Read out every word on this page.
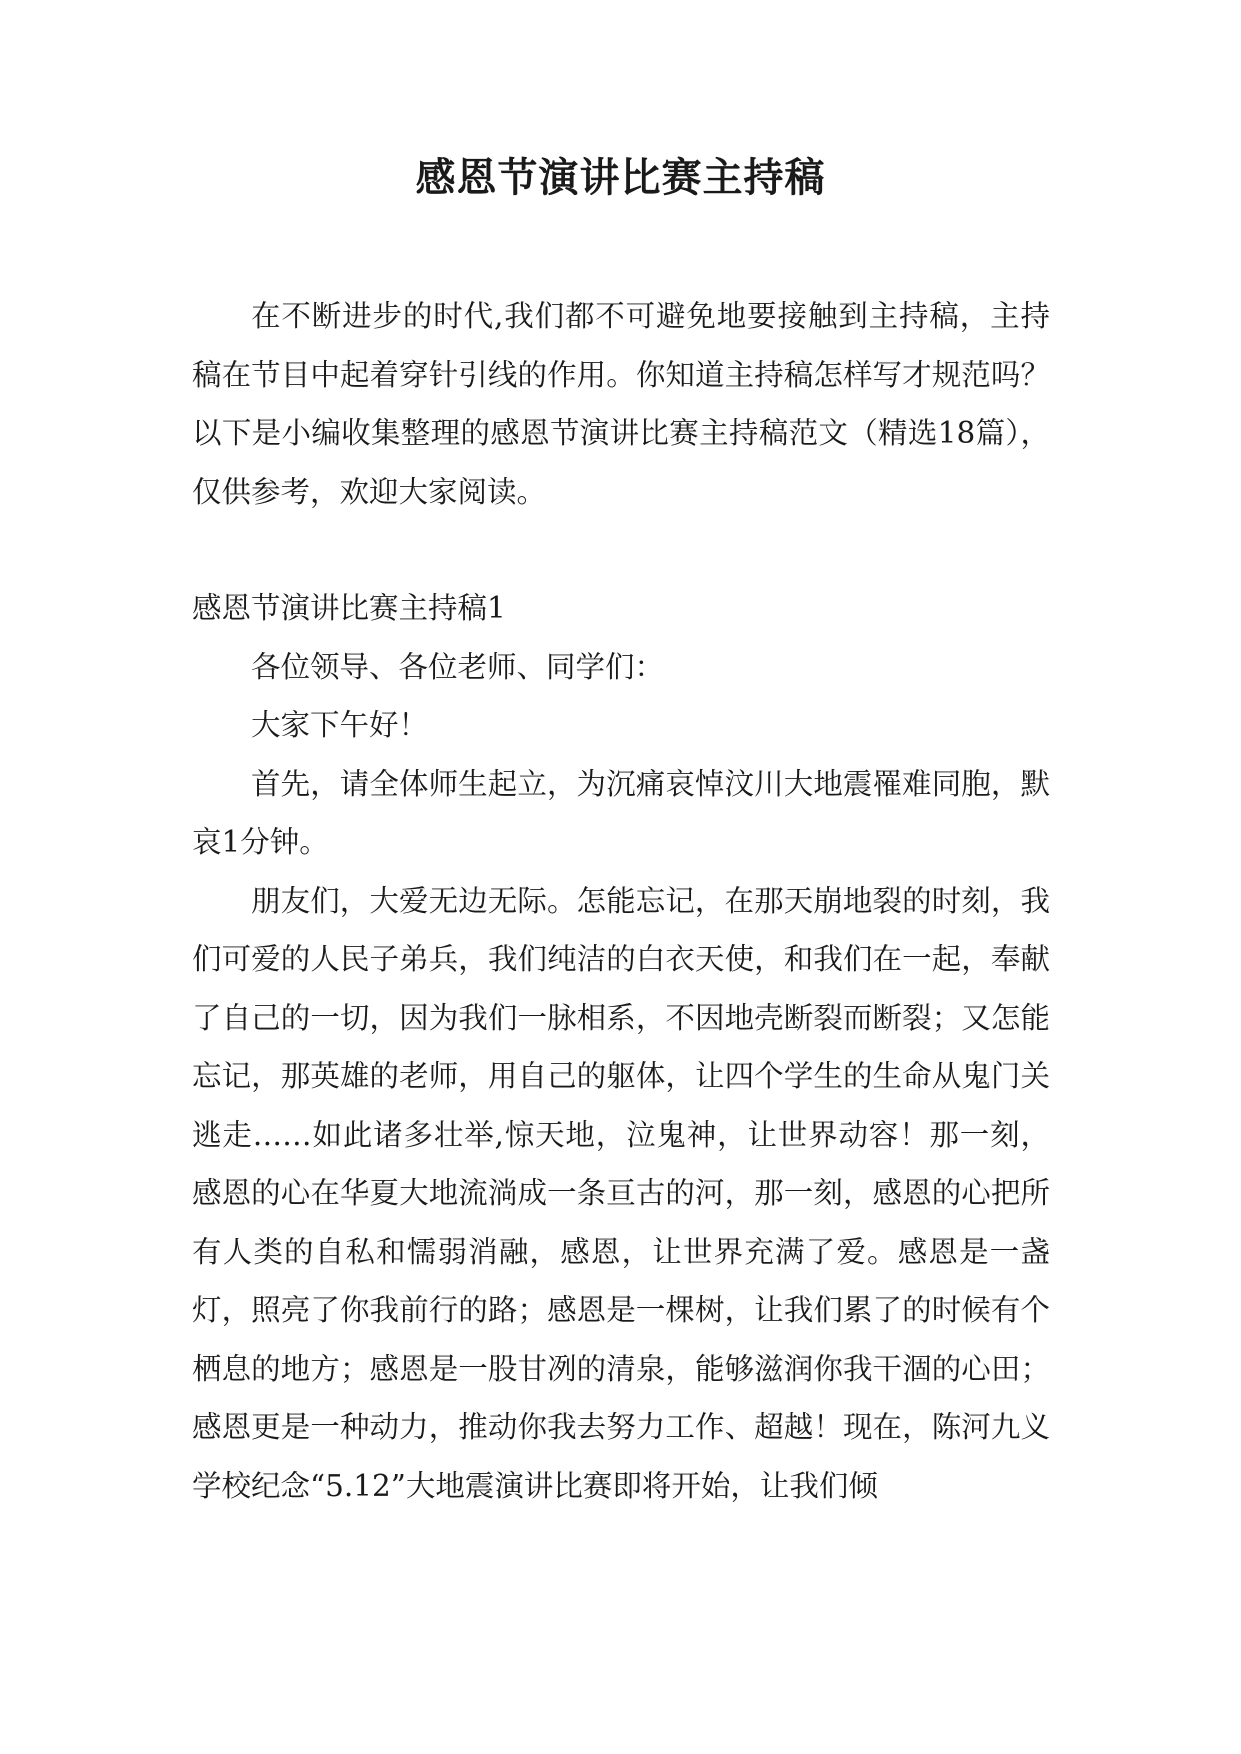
感恩节演讲比赛主持稿

在不断进步的时代,我们都不可避免地要接触到主持稿，主持稿在节目中起着穿针引线的作用。你知道主持稿怎样写才规范吗？以下是小编收集整理的感恩节演讲比赛主持稿范文（精选18篇），仅供参考，欢迎大家阅读。

感恩节演讲比赛主持稿1

各位领导、各位老师、同学们：

大家下午好！

首先，请全体师生起立，为沉痛哀悼汶川大地震罹难同胞，默哀1分钟。

朋友们，大爱无边无际。怎能忘记，在那天崩地裂的时刻，我们可爱的人民子弟兵，我们纯洁的白衣天使，和我们在一起，奉献了自己的一切，因为我们一脉相系，不因地壳断裂而断裂；又怎能忘记，那英雄的老师，用自己的躯体，让四个学生的生命从鬼门关逃走……如此诸多壮举,惊天地，泣鬼神，让世界动容！那一刻，感恩的心在华夏大地流淌成一条亘古的河，那一刻，感恩的心把所有人类的自私和懦弱消融，感恩，让世界充满了爱。感恩是一盏灯，照亮了你我前行的路；感恩是一棵树，让我们累了的时候有个栖息的地方；感恩是一股甘冽的清泉，能够滋润你我干涸的心田；感恩更是一种动力，推动你我去努力工作、超越！现在，陈河九义学校纪念“5.12”大地震演讲比赛即将开始，让我们倾
